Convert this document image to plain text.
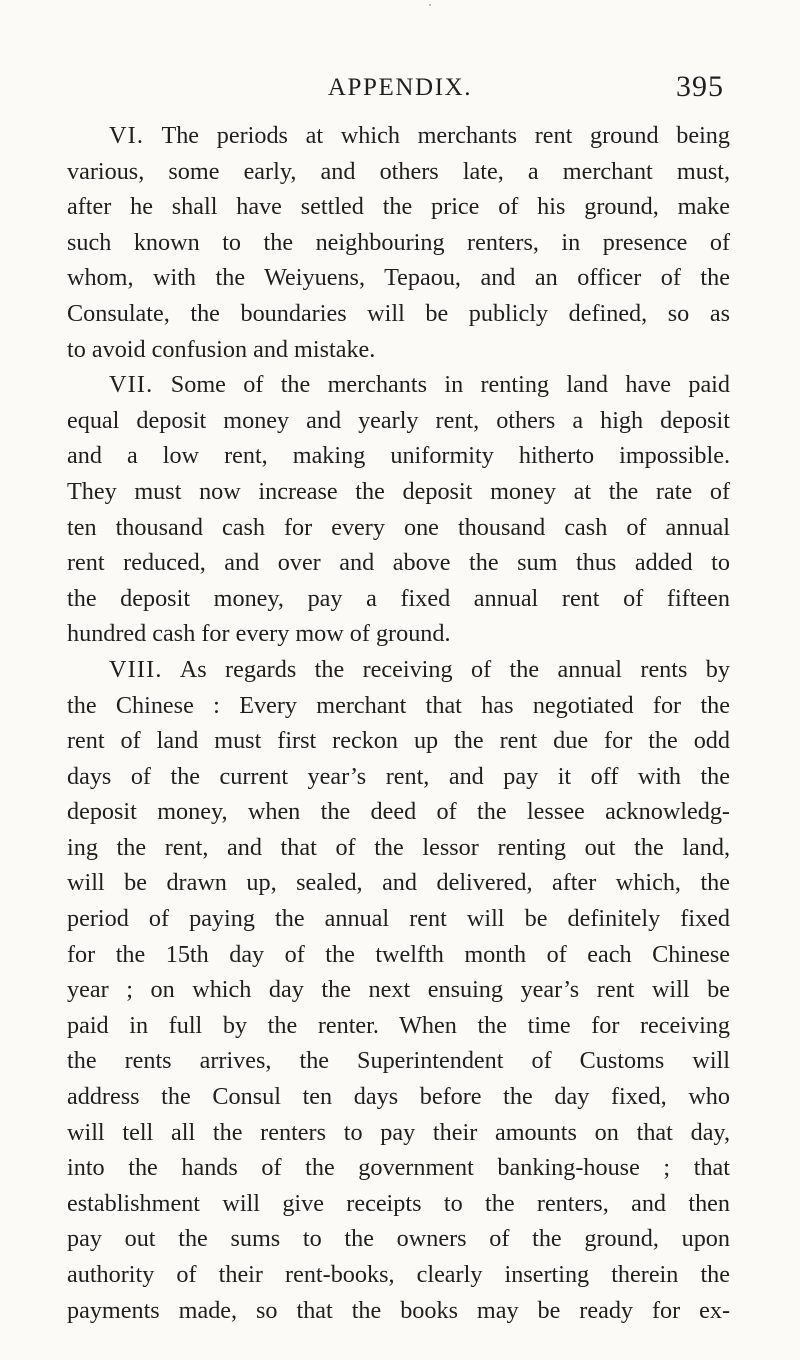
APPENDIX.	395
VI. The periods at which merchants rent ground being
various, some early, and others late, a merchant must,
after he shall have settled the price of his ground, make
such known to the neighbouring renters, in presence of
whom, with the Weiyuens, Tepaou, and an officer of the
Consulate, the boundaries will be publicly defined, so as
to avoid confusion and mistake.
VII. Some of the merchants in renting land have paid
equal deposit money and yearly rent, others a high deposit
and a low rent, making uniformity hitherto impossible.
They must now increase the deposit money at the rate of
ten thousand cash for every one thousand cash of annual
rent reduced, and over and above the sum thus added to
the deposit money, pay a fixed annual rent of fifteen
hundred cash for every mow of ground.
VIII. As regards the receiving of the annual rents by
the Chinese : Every merchant that has negotiated for the
rent of land must first reckon up the rent due for the odd
days of the current year’s rent, and pay it off with the
deposit money, when the deed of the lessee acknowledg-
ing the rent, and that of the lessor renting out the land,
will be drawn up, sealed, and delivered, after which, the
period of paying the annual rent will be definitely fixed
for the 15th day of the twelfth month of each Chinese
year ; on which day the next ensuing year’s rent will be
paid in full by the renter. When the time for receiving
the rents arrives, the Superintendent of Customs will
address the Consul ten days before the day fixed, who
will tell all the renters to pay their amounts on that day,
into the hands of the government banking-house ; that
establishment will give receipts to the renters, and then
pay out the sums to the owners of the ground, upon
authority of their rent-books, clearly inserting therein the
payments made, so that the books may be ready for ex-
